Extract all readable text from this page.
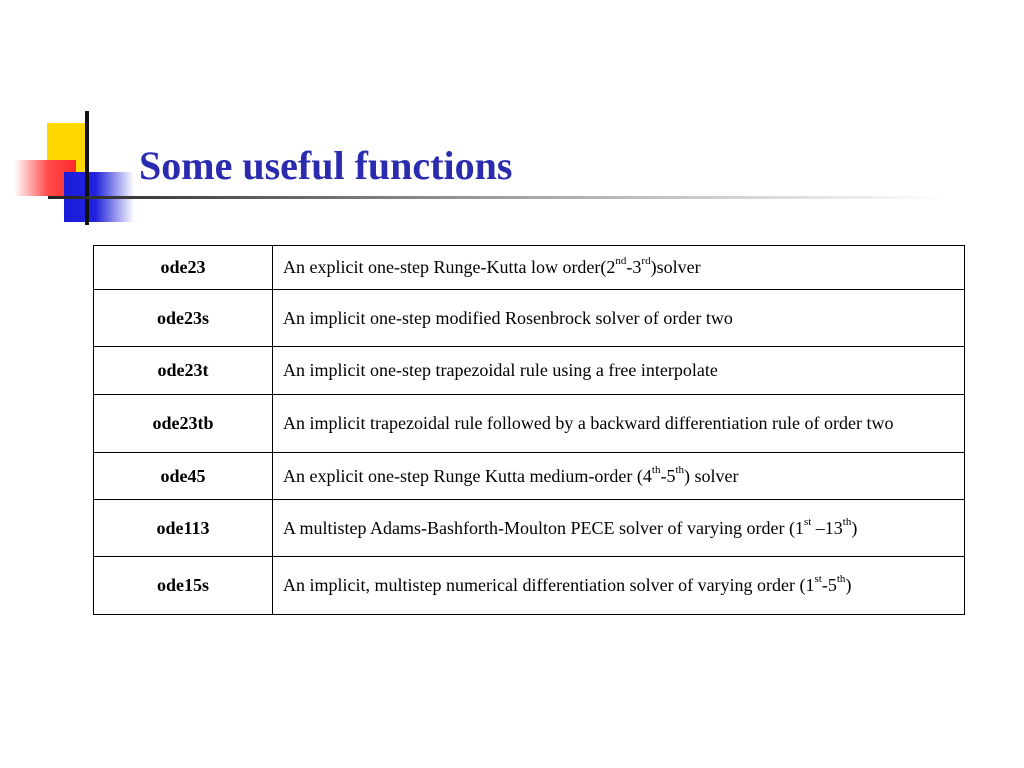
Some useful functions
ode23	An explicit one-step Runge-Kutta low order(2nd-3rd)solver
ode23s	An implicit one-step modified Rosenbrock solver of order two
ode23t	An implicit one-step trapezoidal rule using a free interpolate
ode23tb	An implicit trapezoidal rule followed by a backward differentiation rule of order two
ode45	An explicit one-step Runge Kutta medium-order (4th-5th) solver
ode113	A multistep Adams-Bashforth-Moulton PECE solver of varying order (1st –13th)
ode15s	An implicit, multistep numerical differentiation solver of varying order (1st-5th)
